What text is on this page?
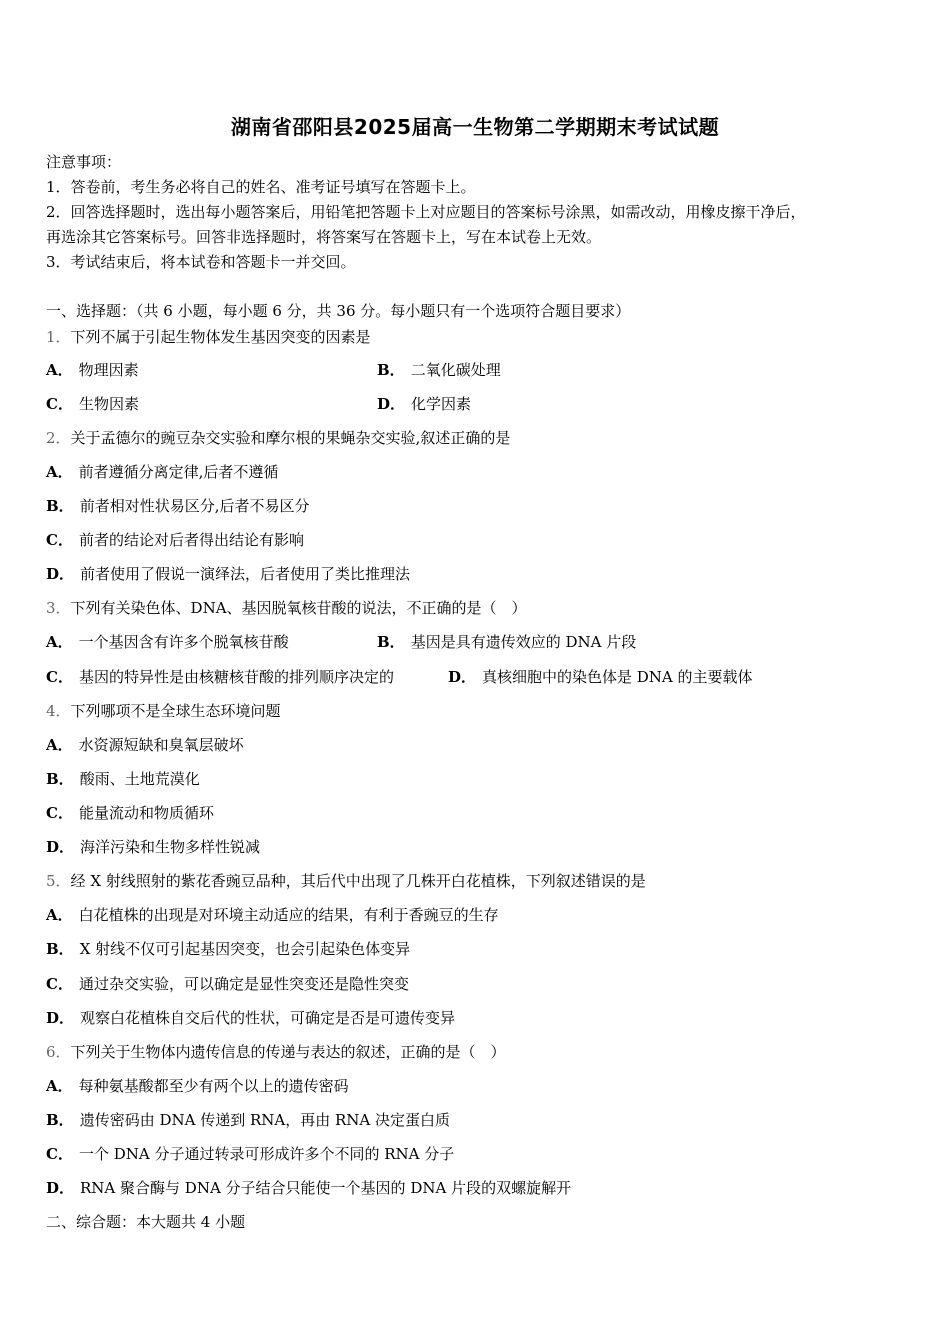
湖南省邵阳县2025届高一生物第二学期期末考试试题
注意事项：
1．答卷前，考生务必将自己的姓名、准考证号填写在答题卡上。
2．回答选择题时，选出每小题答案后，用铅笔把答题卡上对应题目的答案标号涂黑，如需改动，用橡皮擦干净后，
再选涂其它答案标号。回答非选择题时，将答案写在答题卡上，写在本试卷上无效。
3．考试结束后，将本试卷和答题卡一并交回。
一、选择题：（共 6 小题，每小题 6 分，共 36 分。每小题只有一个选项符合题目要求）
1．下列不属于引起生物体发生基因突变的因素是
A． 物理因素	B． 二氧化碳处理
C． 生物因素	D． 化学因素
2．关于孟德尔的豌豆杂交实验和摩尔根的果蝇杂交实验,叙述正确的是
A． 前者遵循分离定律,后者不遵循
B． 前者相对性状易区分,后者不易区分
C． 前者的结论对后者得出结论有影响
D． 前者使用了假说一演绎法，后者使用了类比推理法
3．下列有关染色体、DNA、基因脱氧核苷酸的说法，不正确的是（　）
A． 一个基因含有许多个脱氧核苷酸	B． 基因是具有遗传效应的 DNA 片段
C． 基因的特异性是由核糖核苷酸的排列顺序决定的	D． 真核细胞中的染色体是 DNA 的主要载体
4．下列哪项不是全球生态环境问题
A． 水资源短缺和臭氧层破坏
B． 酸雨、土地荒漠化
C． 能量流动和物质循环
D． 海洋污染和生物多样性锐减
5．经 X 射线照射的紫花香豌豆品种，其后代中出现了几株开白花植株，下列叙述错误的是
A． 白花植株的出现是对环境主动适应的结果，有利于香豌豆的生存
B． X 射线不仅可引起基因突变，也会引起染色体变异
C． 通过杂交实验，可以确定是显性突变还是隐性突变
D． 观察白花植株自交后代的性状，可确定是否是可遗传变异
6．下列关于生物体内遗传信息的传递与表达的叙述，正确的是（　）
A． 每种氨基酸都至少有两个以上的遗传密码
B． 遗传密码由 DNA 传递到 RNA，再由 RNA 决定蛋白质
C． 一个 DNA 分子通过转录可形成许多个不同的 RNA 分子
D． RNA 聚合酶与 DNA 分子结合只能使一个基因的 DNA 片段的双螺旋解开
二、综合题：本大题共 4 小题
